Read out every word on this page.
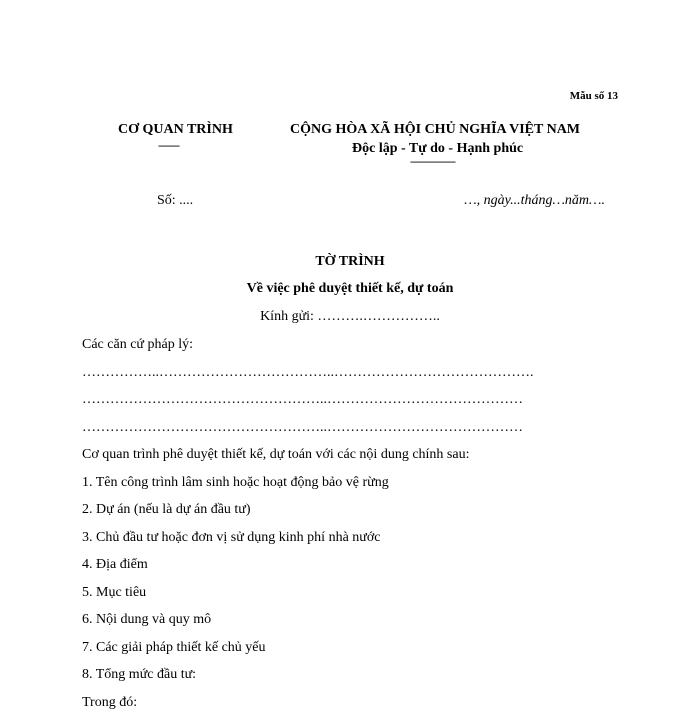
Mẫu số 13
CƠ QUAN TRÌNH
-------
CỘNG HÒA XÃ HỘI CHỦ NGHĨA VIỆT NAM
Độc lập - Tự do - Hạnh phúc
---------------
Số: ....	…, ngày...tháng…năm….
TỜ TRÌNH
Về việc phê duyệt thiết kế, dự toán
Kính gửi: ……….……………..
Các căn cứ pháp lý:
……………..………………………………..…………………………………….
……………………………………………..……………………………………
……………………………………………..……………………………………
Cơ quan trình phê duyệt thiết kế, dự toán với các nội dung chính sau:
1. Tên công trình lâm sinh hoặc hoạt động bảo vệ rừng
2. Dự án (nếu là dự án đầu tư)
3. Chủ đầu tư hoặc đơn vị sử dụng kinh phí nhà nước
4. Địa điểm
5. Mục tiêu
6. Nội dung và quy mô
7. Các giải pháp thiết kế chủ yếu
8. Tổng mức đầu tư:
Trong đó:
